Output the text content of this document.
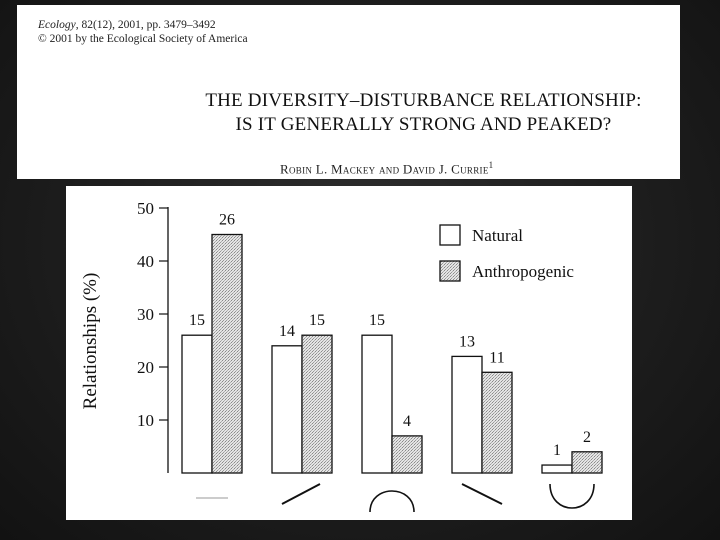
Ecology, 82(12), 2001, pp. 3479–3492
© 2001 by the Ecological Society of America
THE DIVERSITY–DISTURBANCE RELATIONSHIP:
IS IT GENERALLY STRONG AND PEAKED?
Robin L. Mackey and David J. Currie$^1$
10
20
30
40
50
Relationships (%)	15
26
14
15	15
4
13
11
1
2
Natural
Anthropogenic
